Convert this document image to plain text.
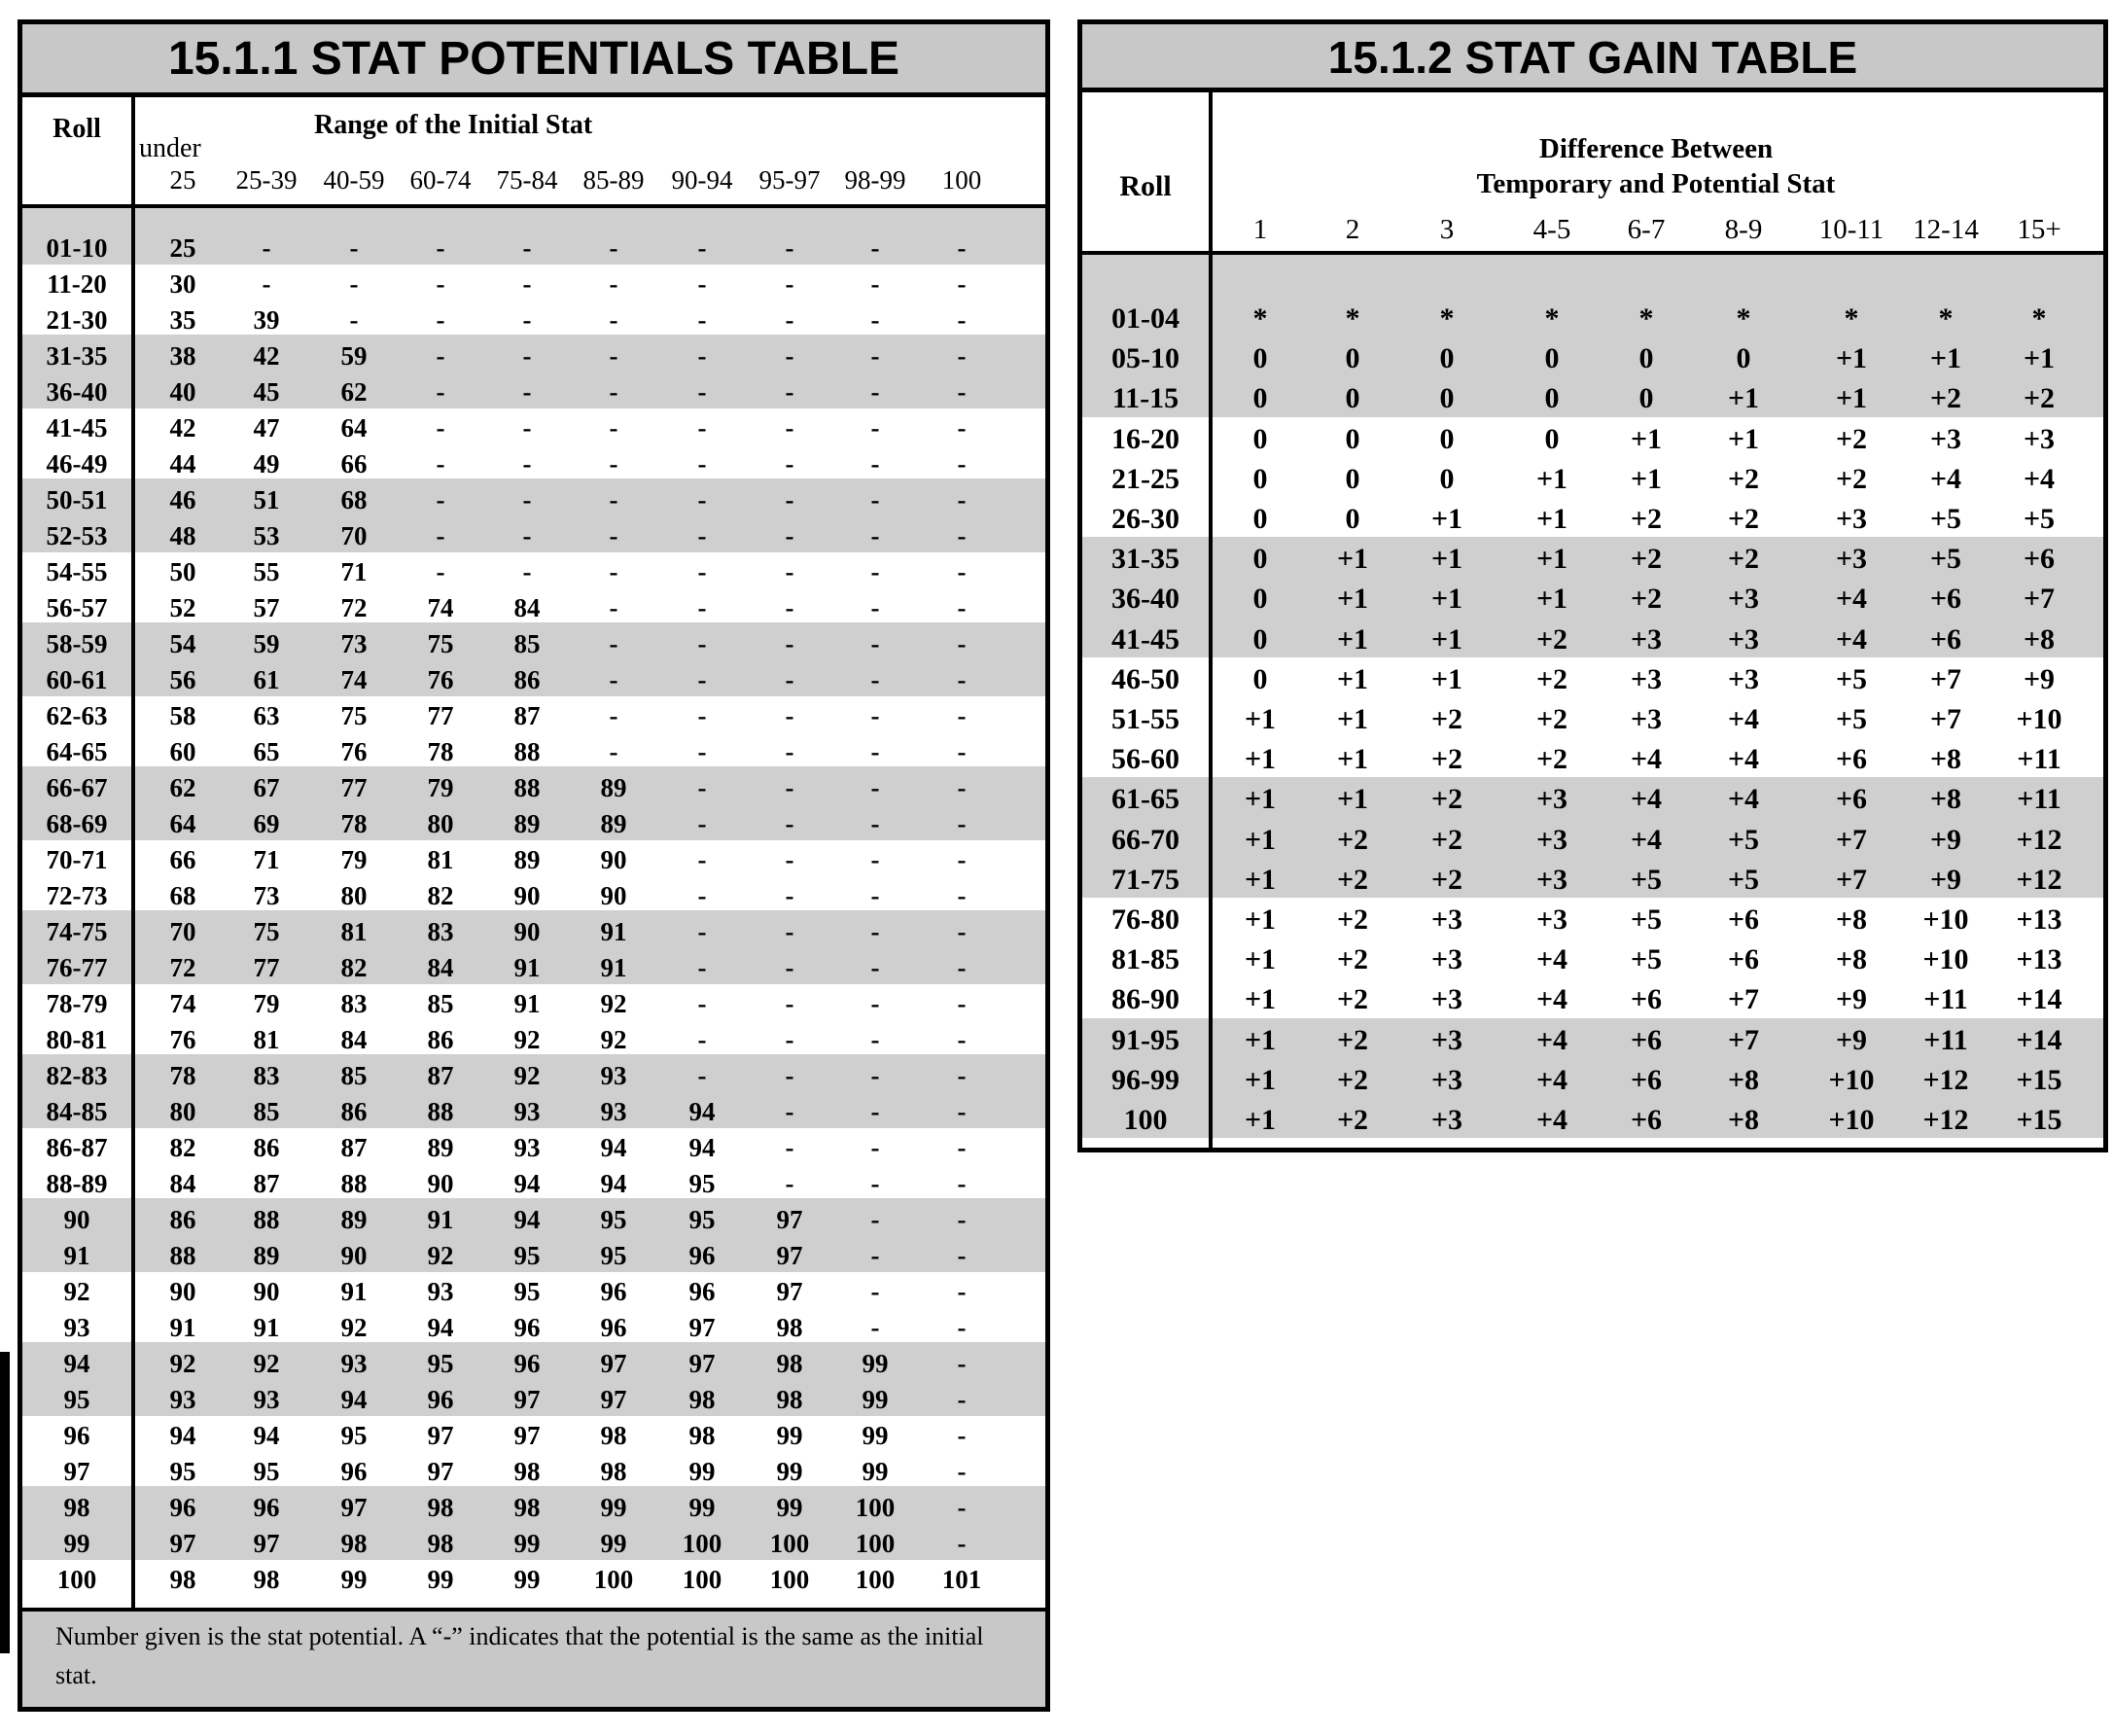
15.1.1 STAT POTENTIALS TABLE
Roll	Range of the Initial Stat
under
25	25-39	40-59 60-74 75-84 85-89	90-94	95-97 98-99	100
01-10	25	-	-	-	-	-	-	-	-	-
11-20	30	-	-	-	-	-	-	-	-	-
21-30	35	39	-	-	-	-	-	-	-	-
31-35	38	42	59	-	-	-	-	-	-	-
36-40	40	45	62	-	-	-	-	-	-	-
41-45	42	47	64	-	-	-	-	-	-	-
46-49	44	49	66	-	-	-	-	-	-	-
50-51	46	51	68	-	-	-	-	-	-	-
52-53	48	53	70	-	-	-	-	-	-	-
54-55	50	55	71	-	-	-	-	-	-	-
56-57	52	57	72	74	84	-	-	-	-	-
58-59	54	59	73	75	85	-	-	-	-	-
60-61	56	61	74	76	86	-	-	-	-	-
62-63	58	63	75	77	87	-	-	-	-	-
64-65	60	65	76	78	88	-	-	-	-	-
66-67	62	67	77	79	88	89	-	-	-	-
68-69	64	69	78	80	89	89	-	-	-	-
70-71	66	71	79	81	89	90	-	-	-	-
72-73	68	73	80	82	90	90	-	-	-	-
74-75	70	75	81	83	90	91	-	-	-	-
76-77	72	77	82	84	91	91	-	-	-	-
78-79	74	79	83	85	91	92	-	-	-	-
80-81	76	81	84	86	92	92	-	-	-	-
82-83	78	83	85	87	92	93	-	-	-	-
84-85	80	85	86	88	93	93	94	-	-	-
86-87	82	86	87	89	93	94	94	-	-	-
88-89	84	87	88	90	94	94	95	-	-	-
90	86	88	89	91	94	95	95	97	-	-
91	88	89	90	92	95	95	96	97	-	-
92	90	90	91	93	95	96	96	97	-	-
93	91	91	92	94	96	96	97	98	-	-
94	92	92	93	95	96	97	97	98	99	-
95	93	93	94	96	97	97	98	98	99	-
96	94	94	95	97	97	98	98	99	99	-
97	95	95	96	97	98	98	99	99	99	-
98	96	96	97	98	98	99	99	99	100	-
99	97	97	98	98	99	99	100	100	100	-
100	98	98	99	99	99	100	100	100	100	101
Number given is the stat potential. A “-” indicates that the potential is the same as the initial stat.
15.1.2 STAT GAIN TABLE
Roll
Difference Between
Temporary and Potential Stat
1	2	3	4-5	6-7	8-9	10-11	12-14	15+
01-04	*	*	*	*	*	*	*	*	*
05-10	0	0	0	0	0	0	+1	+1	+1
11-15	0	0	0	0	0	+1	+1	+2	+2
16-20	0	0	0	0	+1	+1	+2	+3	+3
21-25	0	0	0	+1	+1	+2	+2	+4	+4
26-30	0	0	+1	+1	+2	+2	+3	+5	+5
31-35	0	+1	+1	+1	+2	+2	+3	+5	+6
36-40	0	+1	+1	+1	+2	+3	+4	+6	+7
41-45	0	+1	+1	+2	+3	+3	+4	+6	+8
46-50	0	+1	+1	+2	+3	+3	+5	+7	+9
51-55	+1	+1	+2	+2	+3	+4	+5	+7	+10
56-60	+1	+1	+2	+2	+4	+4	+6	+8	+11
61-65	+1	+1	+2	+3	+4	+4	+6	+8	+11
66-70	+1	+2	+2	+3	+4	+5	+7	+9	+12
71-75	+1	+2	+2	+3	+5	+5	+7	+9	+12
76-80	+1	+2	+3	+3	+5	+6	+8	+10	+13
81-85	+1	+2	+3	+4	+5	+6	+8	+10	+13
86-90	+1	+2	+3	+4	+6	+7	+9	+11	+14
91-95	+1	+2	+3	+4	+6	+7	+9	+11	+14
96-99	+1	+2	+3	+4	+6	+8	+10	+12	+15
100	+1	+2	+3	+4	+6	+8	+10	+12	+15
